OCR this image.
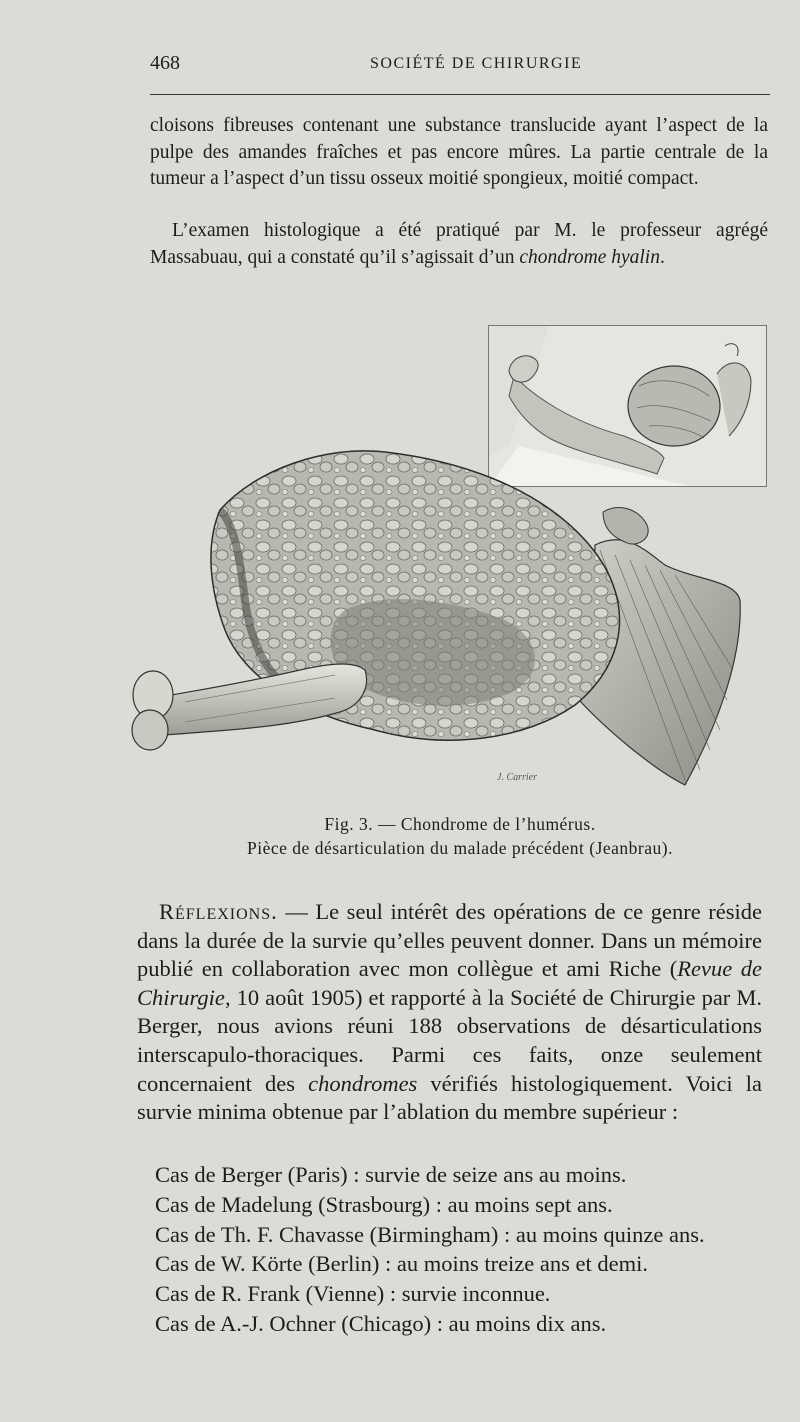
468	SOCIÉTÉ DE CHIRURGIE

cloisons fibreuses contenant une substance translucide ayant l’aspect de la pulpe des amandes fraîches et pas encore mûres. La partie centrale de la tumeur a l’aspect d’un tissu osseux moitié spongieux, moitié compact.

L’examen histologique a été pratiqué par M. le professeur agrégé Massabuau, qui a constaté qu’il s’agissait d’un chondrome hyalin.

J. Carrier
Fig. 3. — Chondrome de l’humérus.
Pièce de désarticulation du malade précédent (Jeanbrau).

Réflexions. — Le seul intérêt des opérations de ce genre réside dans la durée de la survie qu’elles peuvent donner. Dans un mémoire publié en collaboration avec mon collègue et ami Riche (Revue de Chirurgie, 10 août 1905) et rapporté à la Société de Chirurgie par M. Berger, nous avions réuni 188 observations de désarticulations interscapulo-thoraciques. Parmi ces faits, onze seulement concernaient des chondromes vérifiés histologiquement. Voici la survie minima obtenue par l’ablation du membre supérieur :

Cas de Berger (Paris) : survie de seize ans au moins.
Cas de Madelung (Strasbourg) : au moins sept ans.
Cas de Th. F. Chavasse (Birmingham) : au moins quinze ans.
Cas de W. Körte (Berlin) : au moins treize ans et demi.
Cas de R. Frank (Vienne) : survie inconnue.
Cas de A.-J. Ochner (Chicago) : au moins dix ans.
